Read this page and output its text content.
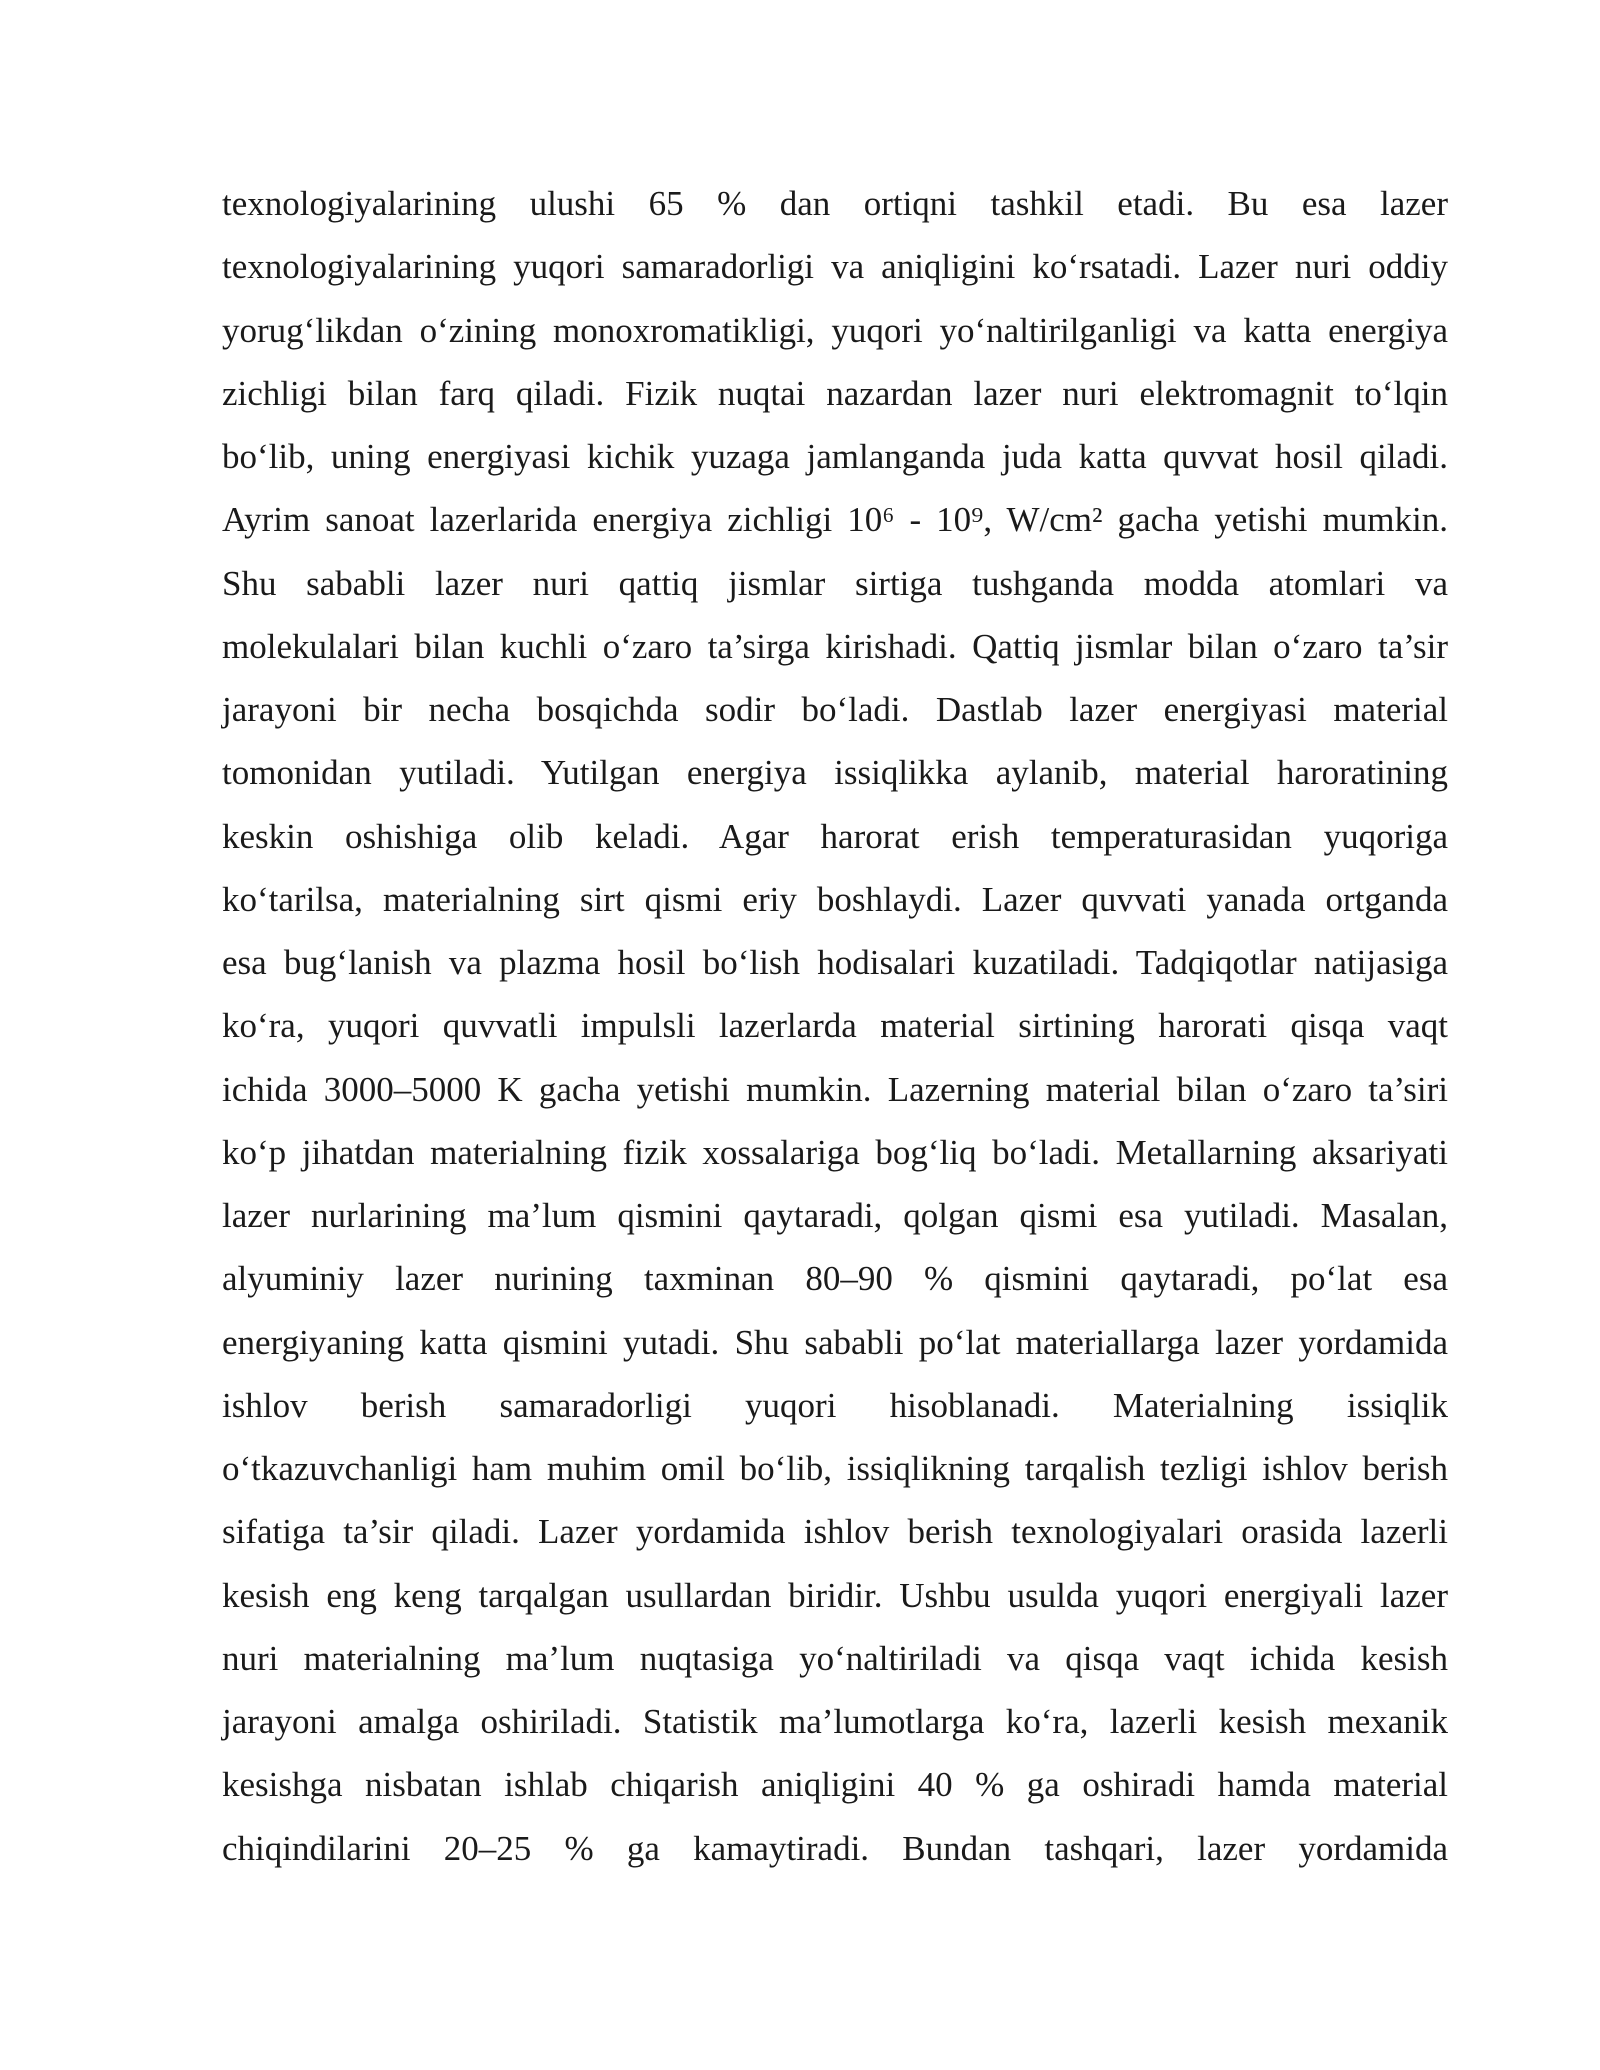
texnologiyalarining ulushi 65 % dan ortiqni tashkil etadi. Bu esa lazer
texnologiyalarining yuqori samaradorligi va aniqligini ko‘rsatadi. Lazer nuri oddiy
yorug‘likdan o‘zining monoxromatikligi, yuqori yo‘naltirilganligi va katta energiya
zichligi bilan farq qiladi. Fizik nuqtai nazardan lazer nuri elektromagnit to‘lqin
bo‘lib, uning energiyasi kichik yuzaga jamlanganda juda katta quvvat hosil qiladi.
Ayrim sanoat lazerlarida energiya zichligi 10⁶ - 10⁹, W/cm² gacha yetishi mumkin.
Shu sababli lazer nuri qattiq jismlar sirtiga tushganda modda atomlari va
molekulalari bilan kuchli o‘zaro ta’sirga kirishadi. Qattiq jismlar bilan o‘zaro ta’sir
jarayoni bir necha bosqichda sodir bo‘ladi. Dastlab lazer energiyasi material
tomonidan yutiladi. Yutilgan energiya issiqlikka aylanib, material haroratining
keskin oshishiga olib keladi. Agar harorat erish temperaturasidan yuqoriga
ko‘tarilsa, materialning sirt qismi eriy boshlaydi. Lazer quvvati yanada ortganda
esa bug‘lanish va plazma hosil bo‘lish hodisalari kuzatiladi. Tadqiqotlar natijasiga
ko‘ra, yuqori quvvatli impulsli lazerlarda material sirtining harorati qisqa vaqt
ichida 3000–5000 K gacha yetishi mumkin. Lazerning material bilan o‘zaro ta’siri
ko‘p jihatdan materialning fizik xossalariga bog‘liq bo‘ladi. Metallarning aksariyati
lazer nurlarining ma’lum qismini qaytaradi, qolgan qismi esa yutiladi. Masalan,
alyuminiy lazer nurining taxminan 80–90 % qismini qaytaradi, po‘lat esa
energiyaning katta qismini yutadi. Shu sababli po‘lat materiallarga lazer yordamida
ishlov berish samaradorligi yuqori hisoblanadi. Materialning issiqlik
o‘tkazuvchanligi ham muhim omil bo‘lib, issiqlikning tarqalish tezligi ishlov berish
sifatiga ta’sir qiladi. Lazer yordamida ishlov berish texnologiyalari orasida lazerli
kesish eng keng tarqalgan usullardan biridir. Ushbu usulda yuqori energiyali lazer
nuri materialning ma’lum nuqtasiga yo‘naltiriladi va qisqa vaqt ichida kesish
jarayoni amalga oshiriladi. Statistik ma’lumotlarga ko‘ra, lazerli kesish mexanik
kesishga nisbatan ishlab chiqarish aniqligini 40 % ga oshiradi hamda material
chiqindilarini 20–25 % ga kamaytiradi. Bundan tashqari, lazer yordamida
